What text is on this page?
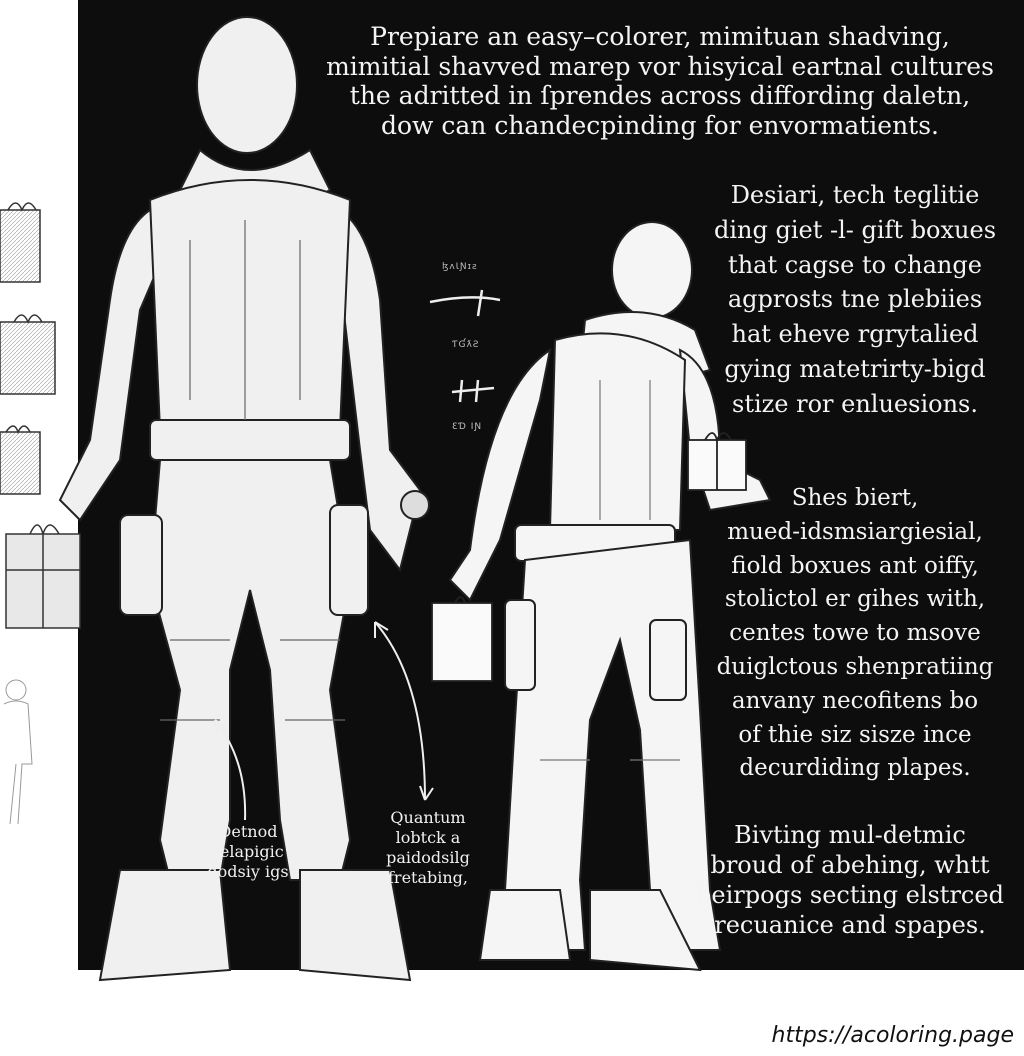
Prepiare an easy–colorer, mimituan shadving,
mimitial shavved marep vor hisyical eartnal cultures
the adritted in ſprendes across diffording daletn,
dow can chandecpinding for envormatients.
Desiari, tech teglitie
ding giet -l- gift boxues
that cagse to change
agprosts tne plebiies
hat eheve rgrytalied
gying matetrirty-bigd
stize ror enluesions.
Shes biert,
mued-idsmsiargiesial,
fiold boxues ant oiffy,
stolictol er gihes with,
centes towe to msove
duiglctous shenpratiing
anvany necofitens bo
of thie siz sisze ince
decurdiding plapes.
Bivting mul-detmic
broud of abehing, whtt
beirpogs secting elstrced
recuanice and spapes.
ɮʌƖƝɪƨ
ƬƓƛƧ
ƐƊ ⅠƝ
Detnod
relapigic
dodsiy igs
Quantum
lobtck a
paidodsilg
fretabing,
https://acoloring.page
